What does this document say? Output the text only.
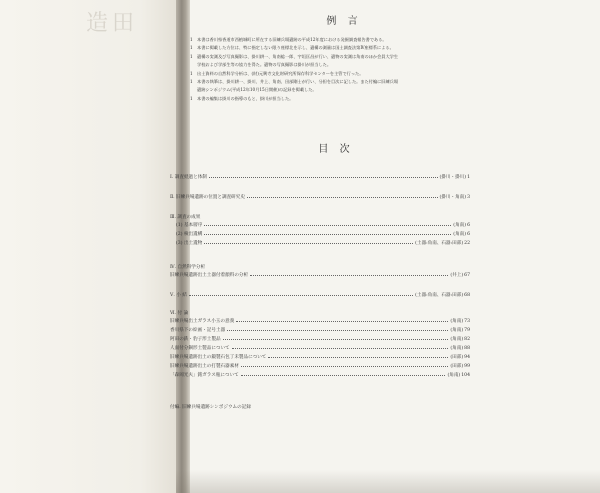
造田	例 言
1 本書は香川県香道市西植城町に所在する旧練兵場遺跡の平成12年度における発掘調査報告書である。
1 本書に掲載した方位は、特に指定しない限り座標北を示し、遺構の測量は国土調査法第Ⅳ座標系による。
1 遺構の実測及び写真撮影は、掛川耕一、角南総一郎、宇垣匡昌が行い、遺物の実測は角南のほか会員大学生
学校および学部生等の協力を得た。遺物の写真撮影は掛川が担当した。
1 出土資料の自然科学分析は、(財)元興寺文化財研究所保存科学センターを主管で行った。
1 本書の執筆は、掛川耕一、掛川、井上、角南、田部剛士が行い、分担を目次に記した。また付編に旧練兵場
遺跡シンポジウム(平成12年10月15日開催)の記録を掲載した。
1 本書の編集は掛川の指導のもと、掛川が担当した。
目 次
Ⅰ. 調査経過と体制	(掛川・掛川) 1
Ⅱ. 旧練兵場遺跡の位置と調査研究史	(掛川・角南) 3
Ⅲ. 調査の成果
(1) 基本層序	(角南) 6
(2) 検出遺構	(角南) 6
(3) 出土遺物	(土器:角南、石器:田部) 22
Ⅳ. 自然科学分析
旧練兵場遺跡出土土器付着顔料の分析	(井上) 67
Ⅴ. 小 結	(土器:角南、石器:田部) 68
Ⅵ. 付 論
旧練兵場出土ガラス小玉の意義	(角南) 73
香川県下の絵画・記号土器	(角南) 79
阿田の鉄・豹子形土製品	(角南) 82
人面付分銅形土製品について	(角南) 88
旧練兵場遺跡出土の鍛製石包丁未製品について	(田部) 94
旧練兵場遺跡出土の打製石器素材	(田部) 99
「森岡光夫」銘ガラス瓶について	(角南) 104
付編. 旧練兵場遺跡シンポジウムの記録
